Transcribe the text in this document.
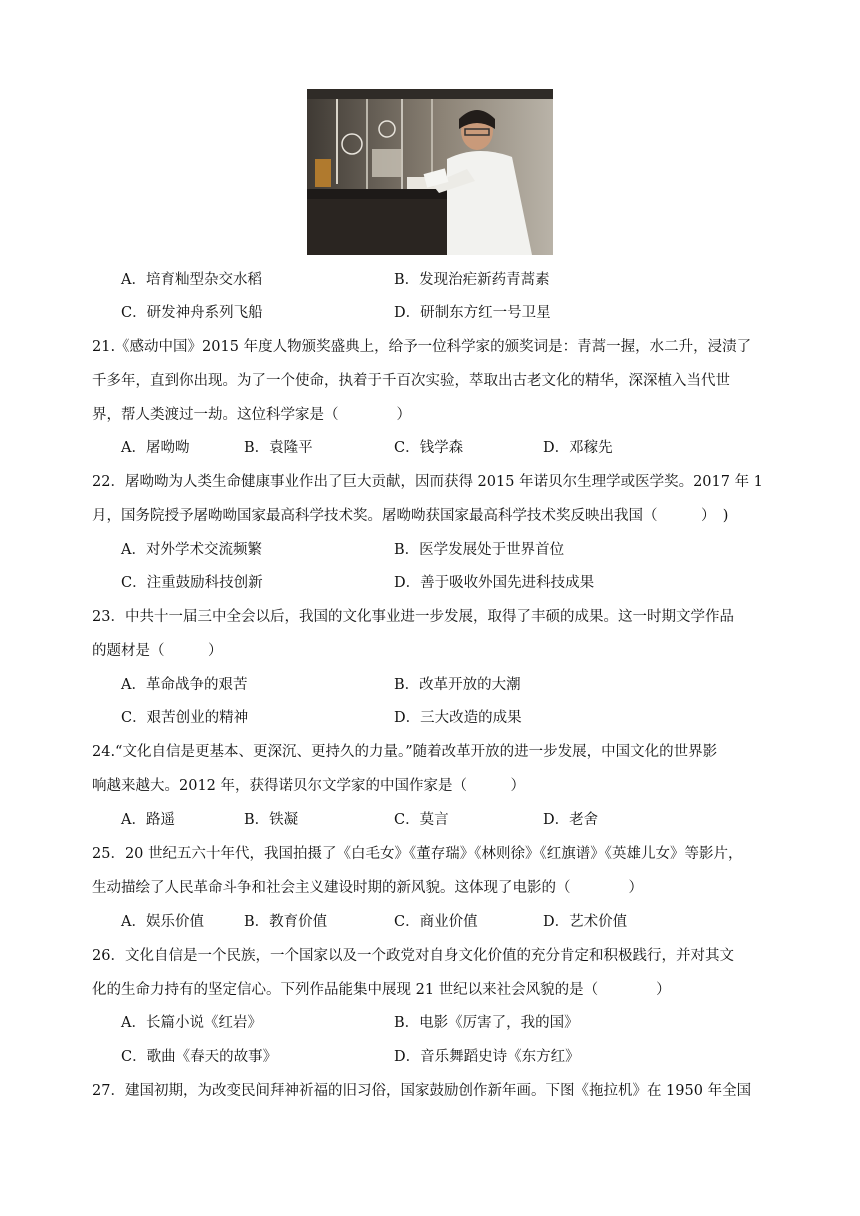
A．培育籼型杂交水稻	B．发现治疟新药青蒿素
C．研发神舟系列飞船	D．研制东方红一号卫星
21.《感动中国》2015 年度人物颁奖盛典上，给予一位科学家的颁奖词是：青蒿一握，水二升，浸渍了
千多年，直到你出现。为了一个使命，执着于千百次实验，萃取出古老文化的精华，深深植入当代世
界，帮人类渡过一劫。这位科学家是（　　　　）
A．屠呦呦	B．袁隆平	C．钱学森	D．邓稼先
22．屠呦呦为人类生命健康事业作出了巨大贡献，因而获得 2015 年诺贝尔生理学或医学奖。2017 年 1
月，国务院授予屠呦呦国家最高科学技术奖。屠呦呦获国家最高科学技术奖反映出我国（　　　）　)
A．对外学术交流频繁	B．医学发展处于世界首位
C．注重鼓励科技创新	D．善于吸收外国先进科技成果
23．中共十一届三中全会以后，我国的文化事业进一步发展，取得了丰硕的成果。这一时期文学作品
的题材是（　　　）
A．革命战争的艰苦	B．改革开放的大潮
C．艰苦创业的精神	D．三大改造的成果
24.“文化自信是更基本、更深沉、更持久的力量。”随着改革开放的进一步发展，中国文化的世界影
响越来越大。2012 年，获得诺贝尔文学家的中国作家是（　　　）
A．路遥	B．铁凝	C．莫言	D．老舍
25．20 世纪五六十年代，我国拍摄了《白毛女》《董存瑞》《林则徐》《红旗谱》《英雄儿女》等影片，
生动描绘了人民革命斗争和社会主义建设时期的新风貌。这体现了电影的（　　　　）
A．娱乐价值	B．教育价值	C．商业价值	D．艺术价值
26．文化自信是一个民族，一个国家以及一个政党对自身文化价值的充分肯定和积极践行，并对其文
化的生命力持有的坚定信心。下列作品能集中展现 21 世纪以来社会风貌的是（　　　　）
A．长篇小说《红岩》	B．电影《厉害了，我的国》
C．歌曲《春天的故事》	D．音乐舞蹈史诗《东方红》
27．建国初期，为改变民间拜神祈福的旧习俗，国家鼓励创作新年画。下图《拖拉机》在 1950 年全国
